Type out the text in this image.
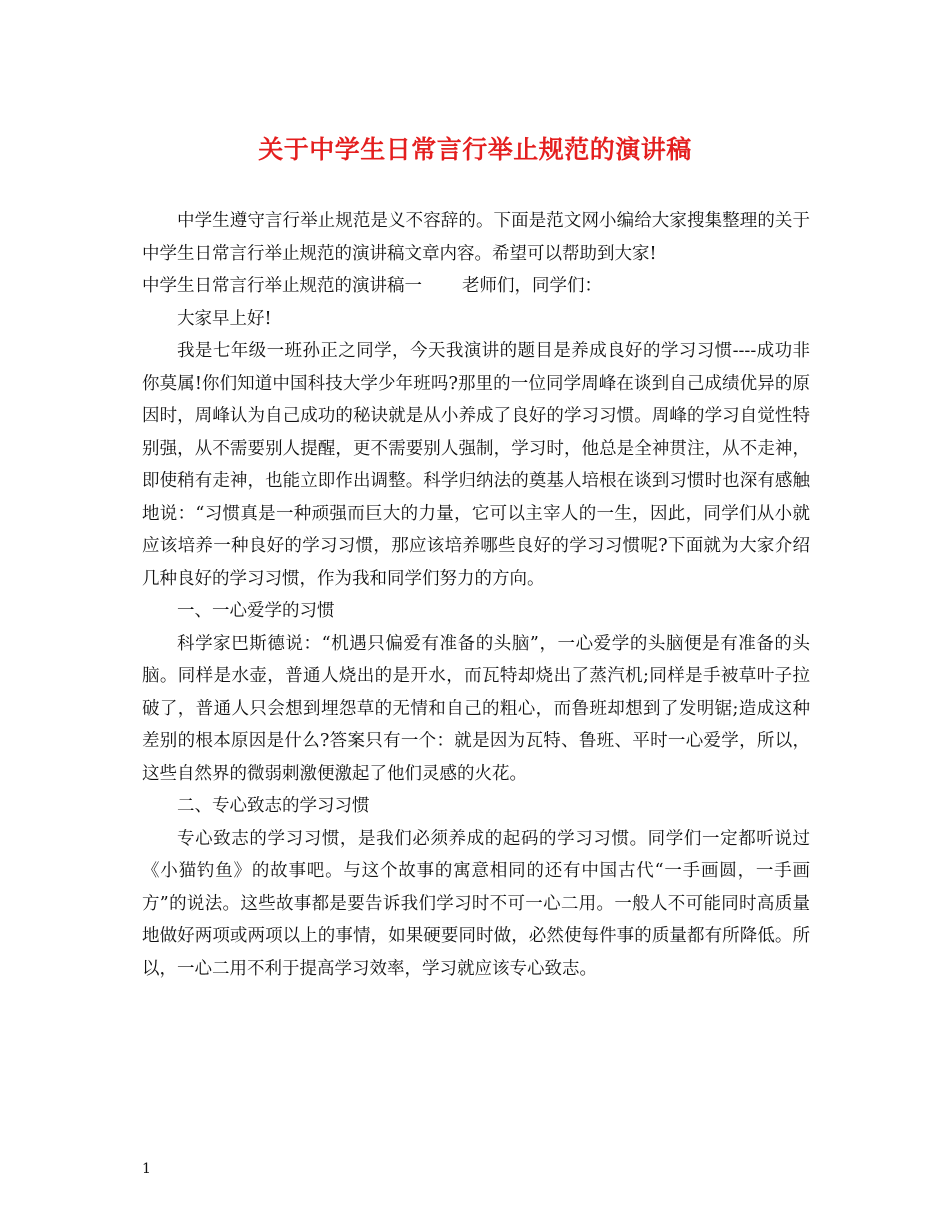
关于中学生日常言行举止规范的演讲稿

中学生遵守言行举止规范是义不容辞的。下面是范文网小编给大家搜集整理的关于中学生日常言行举止规范的演讲稿文章内容。希望可以帮助到大家!

中学生日常言行举止规范的演讲稿一 老师们，同学们：

大家早上好!

我是七年级一班孙正之同学，今天我演讲的题目是养成良好的学习习惯----成功非你莫属!你们知道中国科技大学少年班吗?那里的一位同学周峰在谈到自己成绩优异的原因时，周峰认为自己成功的秘诀就是从小养成了良好的学习习惯。周峰的学习自觉性特别强，从不需要别人提醒，更不需要别人强制，学习时，他总是全神贯注，从不走神，即使稍有走神，也能立即作出调整。科学归纳法的奠基人培根在谈到习惯时也深有感触地说：“习惯真是一种顽强而巨大的力量，它可以主宰人的一生，因此，同学们从小就应该培养一种良好的学习习惯，那应该培养哪些良好的学习习惯呢?下面就为大家介绍几种良好的学习习惯，作为我和同学们努力的方向。

一、一心爱学的习惯

科学家巴斯德说：“机遇只偏爱有准备的头脑”，一心爱学的头脑便是有准备的头脑。同样是水壶，普通人烧出的是开水，而瓦特却烧出了蒸汽机;同样是手被草叶子拉破了，普通人只会想到埋怨草的无情和自己的粗心，而鲁班却想到了发明锯;造成这种差别的根本原因是什么?答案只有一个：就是因为瓦特、鲁班、平时一心爱学，所以，这些自然界的微弱刺激便激起了他们灵感的火花。

二、专心致志的学习习惯

专心致志的学习习惯，是我们必须养成的起码的学习习惯。同学们一定都听说过《小猫钓鱼》的故事吧。与这个故事的寓意相同的还有中国古代“一手画圆，一手画方”的说法。这些故事都是要告诉我们学习时不可一心二用。一般人不可能同时高质量地做好两项或两项以上的事情，如果硬要同时做，必然使每件事的质量都有所降低。所以，一心二用不利于提高学习效率，学习就应该专心致志。

1
